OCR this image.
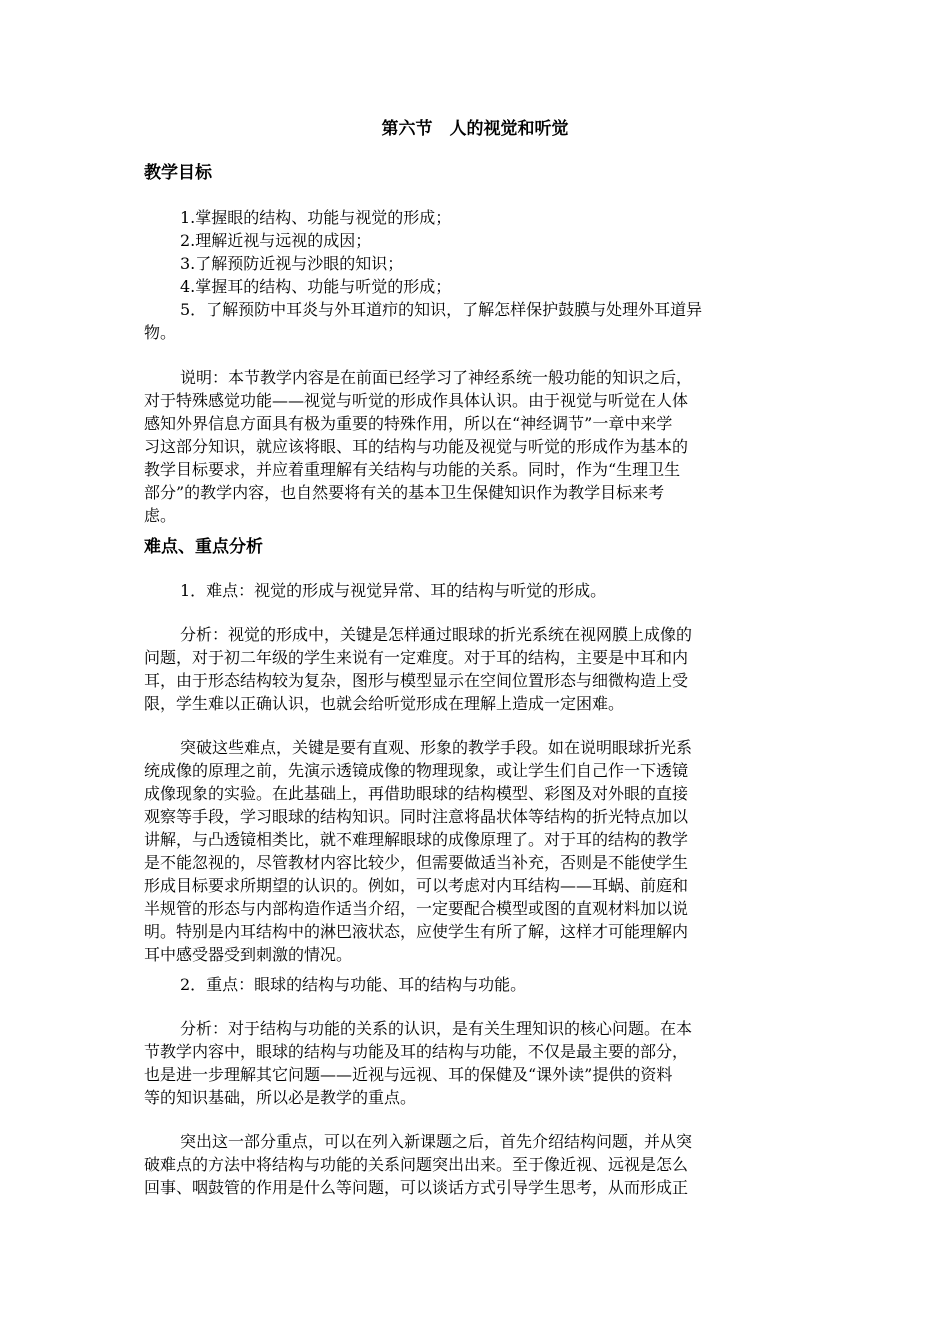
第六节　人的视觉和听觉
教学目标
1.掌握眼的结构、功能与视觉的形成；
2.理解近视与远视的成因；
3.了解预防近视与沙眼的知识；
4.掌握耳的结构、功能与听觉的形成；
5．了解预防中耳炎与外耳道疖的知识，了解怎样保护鼓膜与处理外耳道异
物。
说明：本节教学内容是在前面已经学习了神经系统一般功能的知识之后，
对于特殊感觉功能——视觉与听觉的形成作具体认识。由于视觉与听觉在人体
感知外界信息方面具有极为重要的特殊作用，所以在“神经调节”一章中来学
习这部分知识，就应该将眼、耳的结构与功能及视觉与听觉的形成作为基本的
教学目标要求，并应着重理解有关结构与功能的关系。同时，作为“生理卫生
部分”的教学内容，也自然要将有关的基本卫生保健知识作为教学目标来考
虑。
难点、重点分析
1．难点：视觉的形成与视觉异常、耳的结构与听觉的形成。
分析：视觉的形成中，关键是怎样通过眼球的折光系统在视网膜上成像的
问题，对于初二年级的学生来说有一定难度。对于耳的结构，主要是中耳和内
耳，由于形态结构较为复杂，图形与模型显示在空间位置形态与细微构造上受
限，学生难以正确认识，也就会给听觉形成在理解上造成一定困难。
突破这些难点，关键是要有直观、形象的教学手段。如在说明眼球折光系
统成像的原理之前，先演示透镜成像的物理现象，或让学生们自己作一下透镜
成像现象的实验。在此基础上，再借助眼球的结构模型、彩图及对外眼的直接
观察等手段，学习眼球的结构知识。同时注意将晶状体等结构的折光特点加以
讲解，与凸透镜相类比，就不难理解眼球的成像原理了。对于耳的结构的教学
是不能忽视的，尽管教材内容比较少，但需要做适当补充，否则是不能使学生
形成目标要求所期望的认识的。例如，可以考虑对内耳结构——耳蜗、前庭和
半规管的形态与内部构造作适当介绍，一定要配合模型或图的直观材料加以说
明。特别是内耳结构中的淋巴液状态，应使学生有所了解，这样才可能理解内
耳中感受器受到刺激的情况。
2．重点：眼球的结构与功能、耳的结构与功能。
分析：对于结构与功能的关系的认识，是有关生理知识的核心问题。在本
节教学内容中，眼球的结构与功能及耳的结构与功能，不仅是最主要的部分，
也是进一步理解其它问题——近视与远视、耳的保健及“课外读”提供的资料
等的知识基础，所以必是教学的重点。
突出这一部分重点，可以在列入新课题之后，首先介绍结构问题，并从突
破难点的方法中将结构与功能的关系问题突出出来。至于像近视、远视是怎么
回事、咽鼓管的作用是什么等问题，可以谈话方式引导学生思考，从而形成正
